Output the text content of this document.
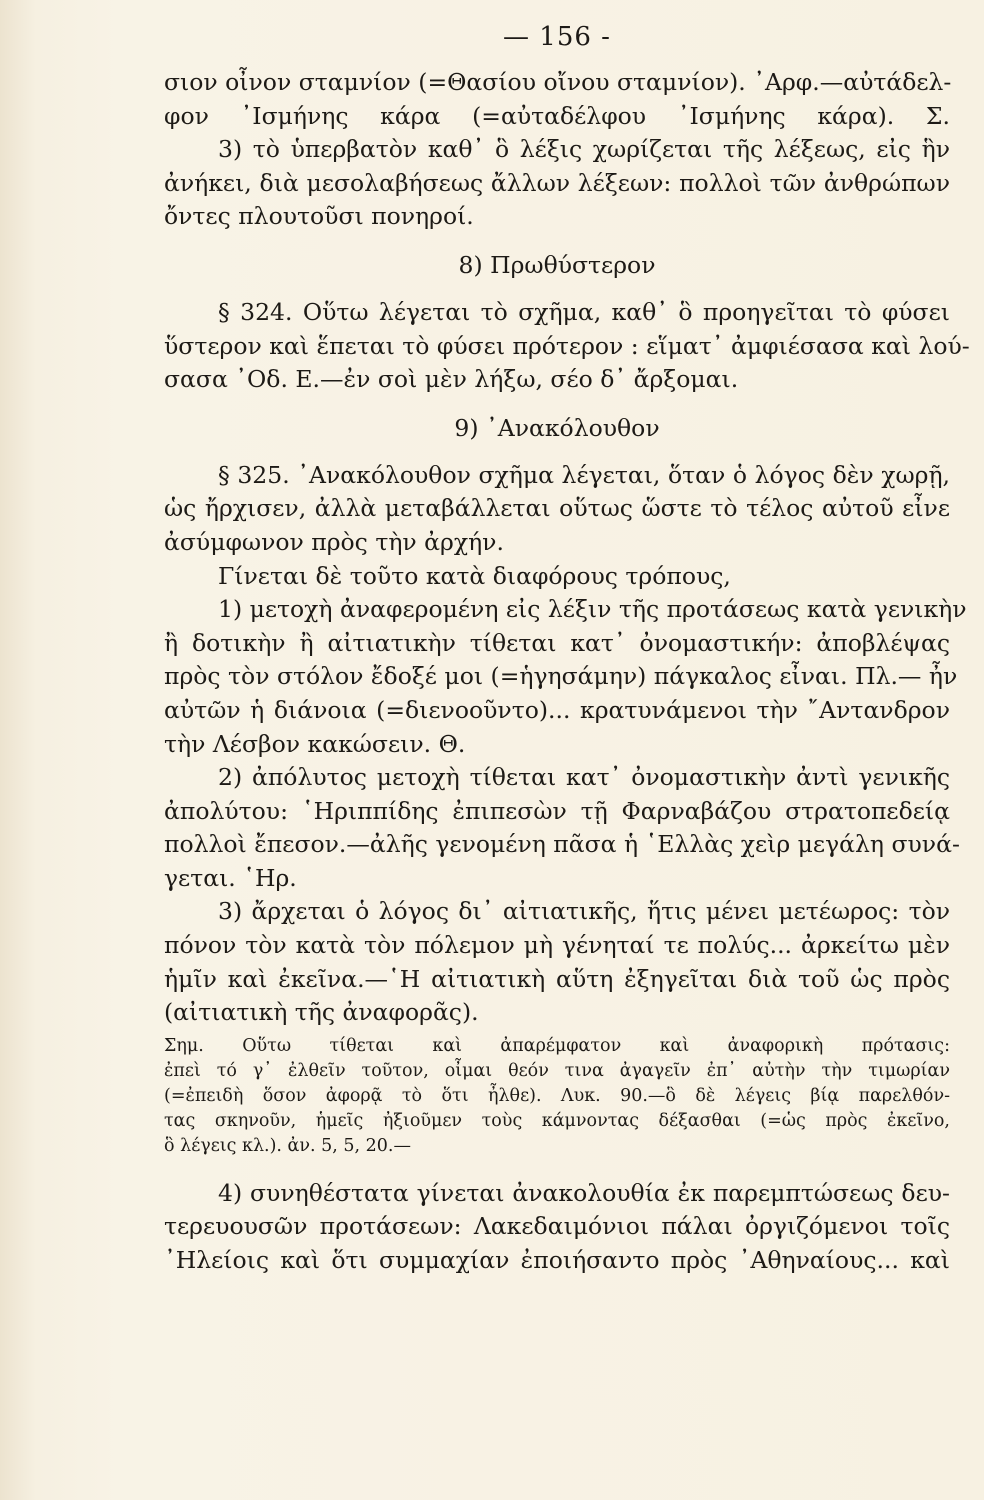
— 156 -
σιον οἶνον σταμνίον (=Θασίου οἴνου σταμνίον). ᾽Αρφ.—αὐτάδελ-
φον ᾽Ισμήνης κάρα (=αὐταδέλφου ᾽Ισμήνης κάρα). Σ.
3) τὸ ὑπερβατὸν καθ᾽ ὃ λέξις χωρίζεται τῆς λέξεως, εἰς ἣν
ἀνήκει, διὰ μεσολαβήσεως ἄλλων λέξεων: πολλοὶ τῶν ἀνθρώπων
ὄντες πλουτοῦσι πονηροί.
8) Πρωθύστερον
§ 324. Οὕτω λέγεται τὸ σχῆμα, καθ᾽ ὃ προηγεῖται τὸ φύσει
ὕστερον καὶ ἕπεται τὸ φύσει πρότερον : εἵματ᾽ ἀμφιέσασα καὶ λού-
σασα ᾽Οδ. Ε.—ἐν σοὶ μὲν λήξω, σέο δ᾽ ἄρξομαι.
9) ᾽Ανακόλουθον
§ 325. ᾽Ανακόλουθον σχῆμα λέγεται, ὅταν ὁ λόγος δὲν χωρῇ,
ὡς ἤρχισεν, ἀλλὰ μεταβάλλεται οὕτως ὥστε τὸ τέλος αὐτοῦ εἶνε
ἀσύμφωνον πρὸς τὴν ἀρχήν.
Γίνεται δὲ τοῦτο κατὰ διαφόρους τρόπους,
1) μετοχὴ ἀναφερομένη εἰς λέξιν τῆς προτάσεως κατὰ γενικὴν
ἢ δοτικὴν ἢ αἰτιατικὴν τίθεται κατ᾽ ὀνομαστικήν: ἀποβλέψας
πρὸς τὸν στόλον ἔδοξέ μοι (=ἡγησάμην) πάγκαλος εἶναι. Πλ.— ἦν
αὐτῶν ἡ διάνοια (=διενοοῦντο)... κρατυνάμενοι τὴν ῎Αντανδρον
τὴν Λέσβον κακώσειν. Θ.
2) ἀπόλυτος μετοχὴ τίθεται κατ᾽ ὀνομαστικὴν ἀντὶ γενικῆς
ἀπολύτου: ῾Ηριππίδης ἐπιπεσὼν τῇ Φαρναβάζου στρατοπεδείᾳ
πολλοὶ ἔπεσον.—ἀλῆς γενομένη πᾶσα ἡ ῾Ελλὰς χεὶρ μεγάλη συνά-
γεται. ῾Ηρ.
3) ἄρχεται ὁ λόγος δι᾽ αἰτιατικῆς, ἥτις μένει μετέωρος: τὸν
πόνον τὸν κατὰ τὸν πόλεμον μὴ γένηταί τε πολύς... ἀρκείτω μὲν
ἡμῖν καὶ ἐκεῖνα.—῾Η αἰτιατικὴ αὕτη ἐξηγεῖται διὰ τοῦ ὡς πρὸς
(αἰτιατικὴ τῆς ἀναφορᾶς).
Σημ. Οὕτω τίθεται καὶ ἀπαρέμφατον καὶ ἀναφορικὴ πρότασις:
ἐπεὶ τό γ᾽ ἐλθεῖν τοῦτον, οἶμαι θεόν τινα ἀγαγεῖν ἐπ᾽ αὐτὴν τὴν τιμωρίαν
(=ἐπειδὴ ὅσον ἀφορᾷ τὸ ὅτι ἦλθε). Λυκ. 90.—ὃ δὲ λέγεις βίᾳ παρελθόν-
τας σκηνοῦν, ἡμεῖς ἠξιοῦμεν τοὺς κάμνοντας δέξασθαι (=ὡς πρὸς ἐκεῖνο,
ὃ λέγεις κλ.). ἀν. 5, 5, 20.—
4) συνηθέστατα γίνεται ἀνακολουθία ἐκ παρεμπτώσεως δευ-
τερευουσῶν προτάσεων: Λακεδαιμόνιοι πάλαι ὀργιζόμενοι τοῖς
᾽Ηλείοις καὶ ὅτι συμμαχίαν ἐποιήσαντο πρὸς ᾽Αθηναίους... καὶ
